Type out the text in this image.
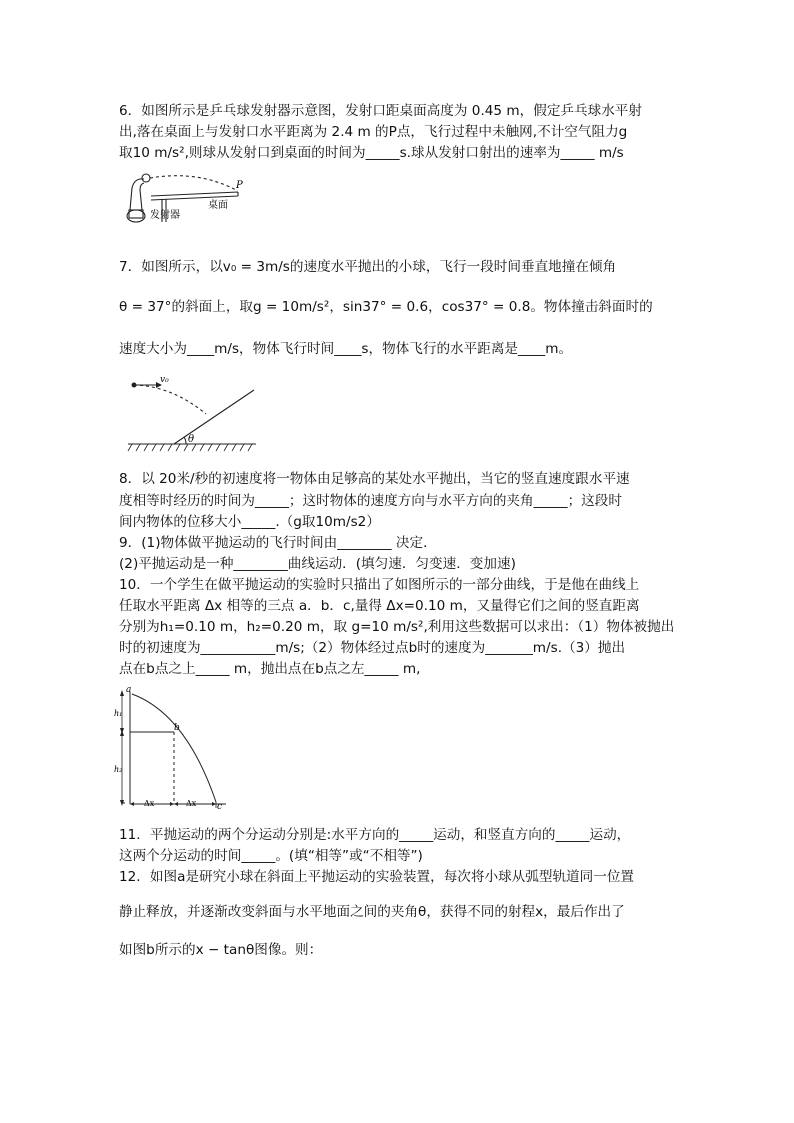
6．如图所示是乒乓球发射器示意图，发射口距桌面高度为 0.45 m，假定乒乓球水平射
出,落在桌面上与发射口水平距离为 2.4 m 的P点，飞行过程中未触网,不计空气阻力g
取10 m/s²,则球从发射口到桌面的时间为_____s.球从发射口射出的速率为_____ m/s
P
发射器
桌面
7．如图所示，以v₀ = 3m/s的速度水平抛出的小球，飞行一段时间垂直地撞在倾角
θ = 37°的斜面上，取g = 10m/s²，sin37° = 0.6，cos37° = 0.8。物体撞击斜面时的
速度大小为____m/s，物体飞行时间____s，物体飞行的水平距离是____m。
v₀
θ
8．以 20米/秒的初速度将一物体由足够高的某处水平抛出，当它的竖直速度跟水平速
度相等时经历的时间为_____；这时物体的速度方向与水平方向的夹角_____；这段时
间内物体的位移大小_____.（g取10m/s2）
9．(1)物体做平抛运动的飞行时间由________ 决定．
(2)平抛运动是一种________曲线运动．(填匀速．匀变速．变加速)
10．一个学生在做平抛运动的实验时只描出了如图所示的一部分曲线，于是他在曲线上
任取水平距离 Δx 相等的三点 a．b．c,量得 Δx=0.10 m，又量得它们之间的竖直距离
分别为h₁=0.10 m，h₂=0.20 m，取 g=10 m/s²,利用这些数据可以求出：（1）物体被抛出
时的初速度为___________m/s;（2）物体经过点b时的速度为_______m/s.（3）抛出
点在b点之上_____ m，抛出点在b点之左_____ m,
a
b
c
h₁
h₂
Δx	Δx
11．平抛运动的两个分运动分别是:水平方向的_____运动，和竖直方向的_____运动，
这两个分运动的时间_____。(填“相等”或“不相等”)
12．如图a是研究小球在斜面上平抛运动的实验装置，每次将小球从弧型轨道同一位置
静止释放，并逐渐改变斜面与水平地面之间的夹角θ，获得不同的射程x，最后作出了
如图b所示的x − tanθ图像。则：
